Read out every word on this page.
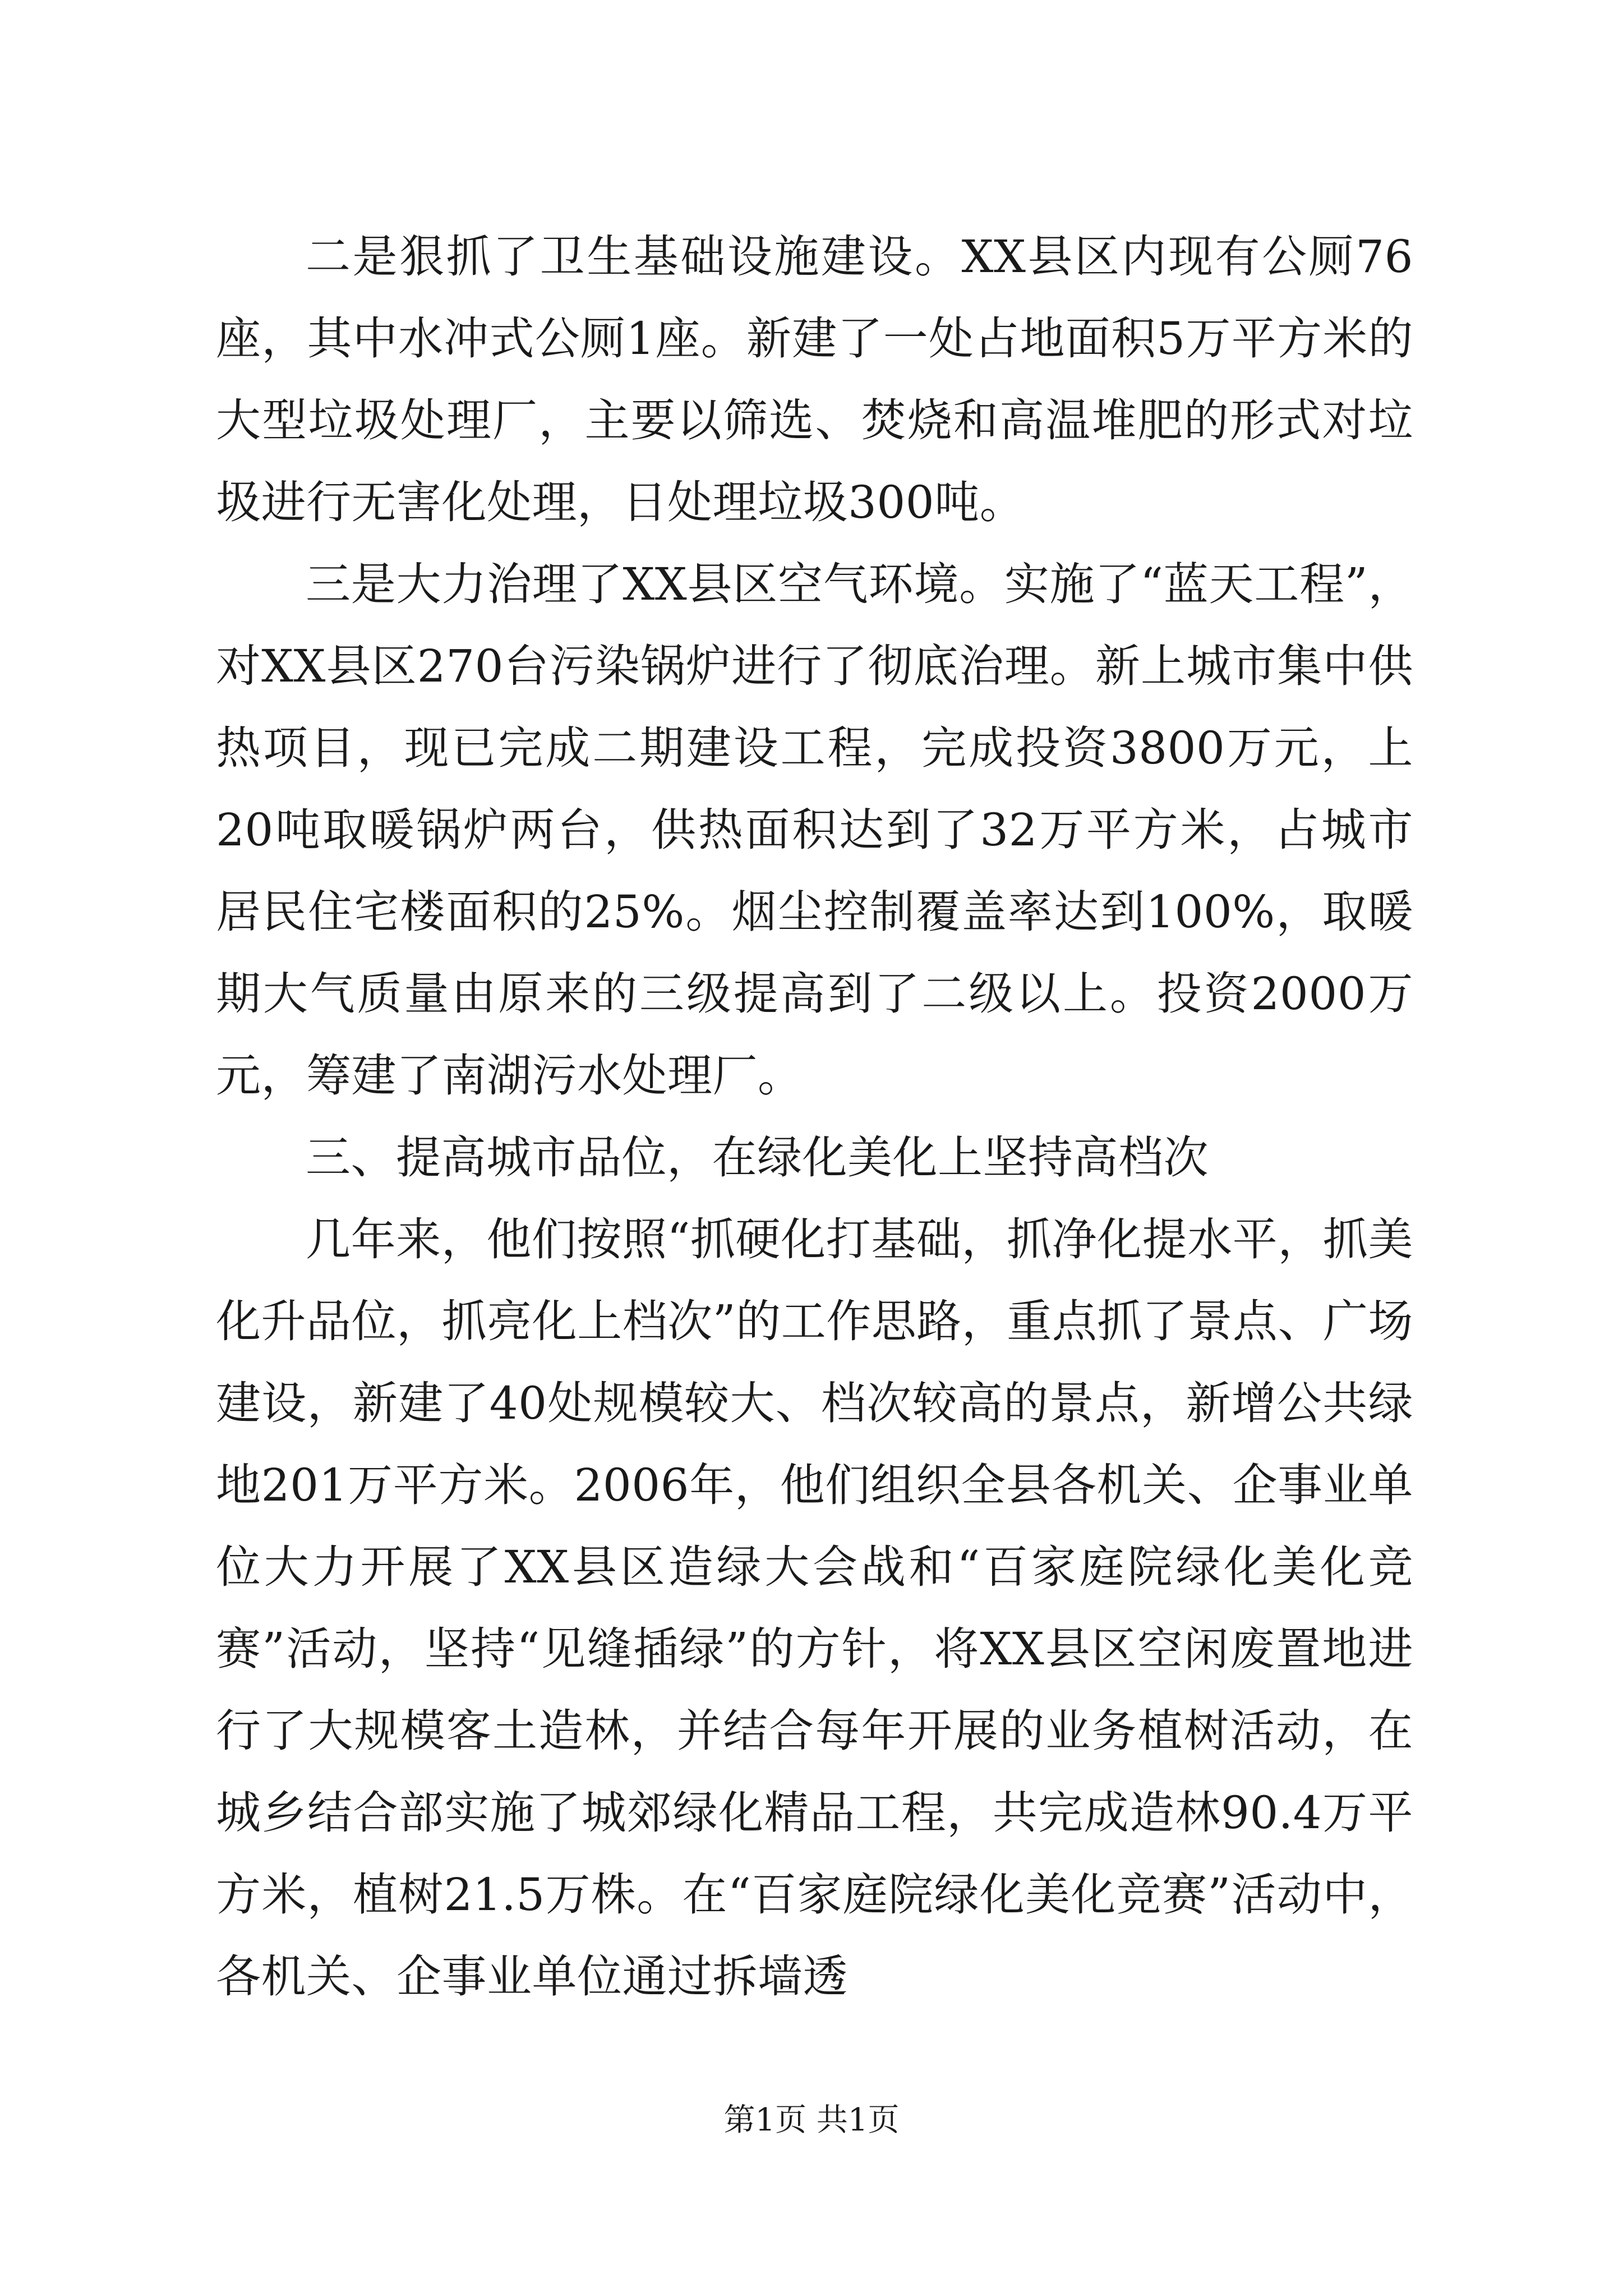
二是狠抓了卫生基础设施建设。XX县区内现有公厕76座，其中水冲式公厕1座。新建了一处占地面积5万平方米的大型垃圾处理厂，主要以筛选、焚烧和高温堆肥的形式对垃圾进行无害化处理，日处理垃圾300吨。

三是大力治理了XX县区空气环境。实施了“蓝天工程”，对XX县区270台污染锅炉进行了彻底治理。新上城市集中供热项目，现已完成二期建设工程，完成投资3800万元，上20吨取暖锅炉两台，供热面积达到了32万平方米，占城市居民住宅楼面积的25%。烟尘控制覆盖率达到100%，取暖期大气质量由原来的三级提高到了二级以上。投资2000万元，筹建了南湖污水处理厂。

三、提高城市品位，在绿化美化上坚持高档次

几年来，他们按照“抓硬化打基础，抓净化提水平，抓美化升品位，抓亮化上档次”的工作思路，重点抓了景点、广场建设，新建了40处规模较大、档次较高的景点，新增公共绿地201万平方米。2006年，他们组织全县各机关、企事业单位大力开展了XX县区造绿大会战和“百家庭院绿化美化竞赛”活动，坚持“见缝插绿”的方针，将XX县区空闲废置地进行了大规模客土造林，并结合每年开展的业务植树活动，在城乡结合部实施了城郊绿化精品工程，共完成造林90.4万平方米，植树21.5万株。在“百家庭院绿化美化竞赛”活动中，各机关、企事业单位通过拆墙透

第1页 共1页
